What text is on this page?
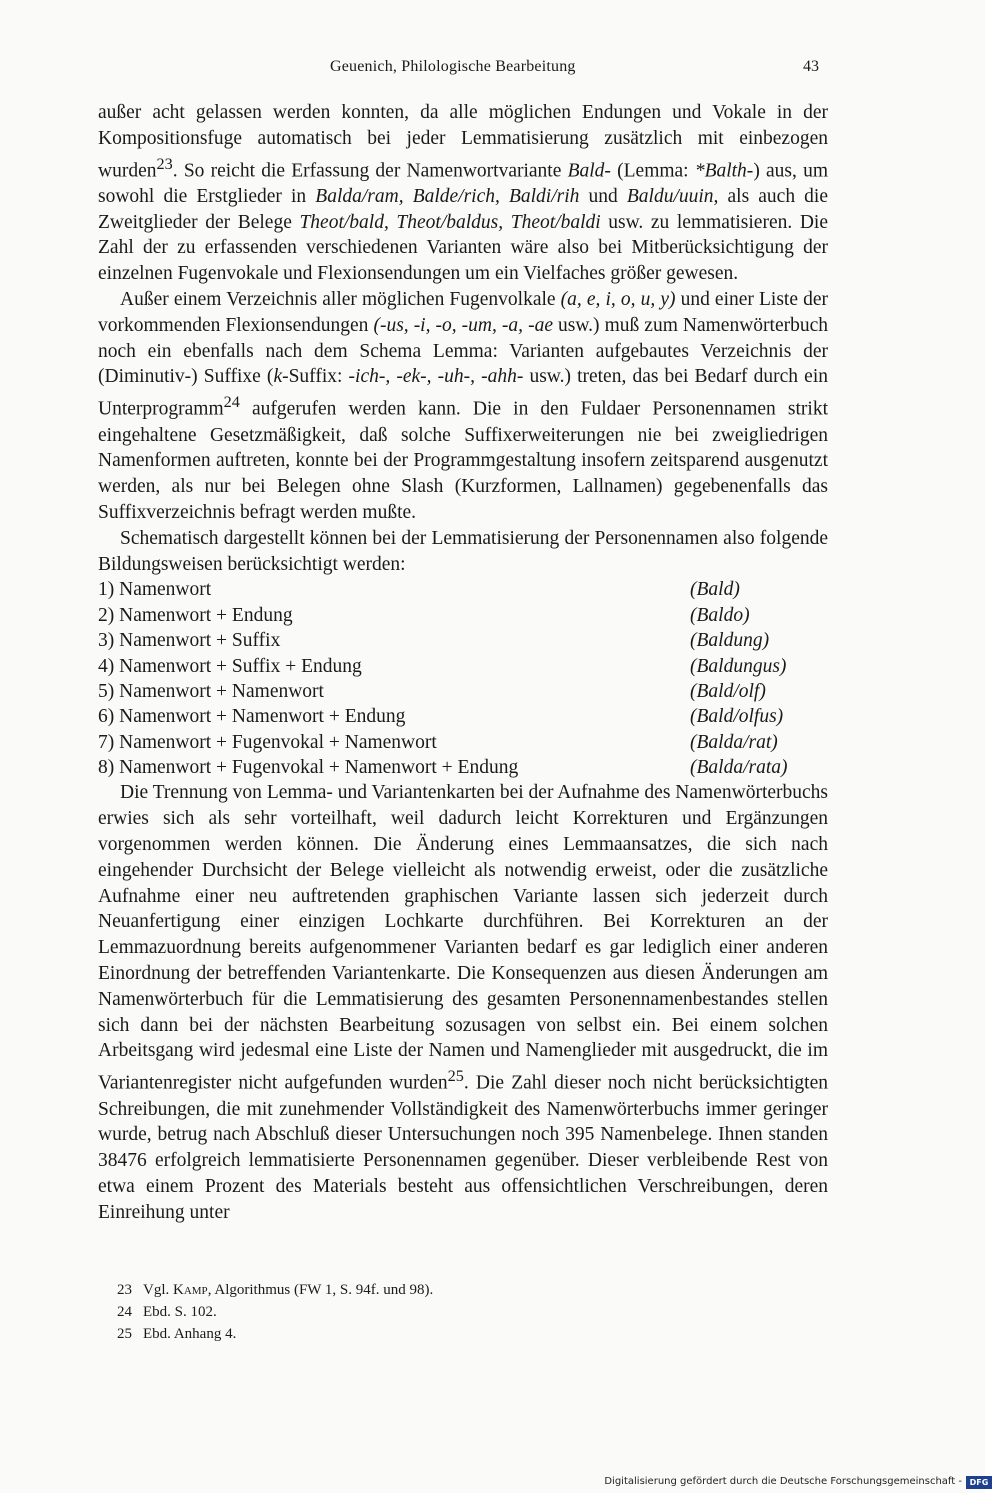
Geuenich, Philologische Bearbeitung	43

außer acht gelassen werden konnten, da alle möglichen Endungen und Vokale in der Kompositionsfuge automatisch bei jeder Lemmatisierung zusätzlich mit einbezogen wurden$^{23}$. So reicht die Erfassung der Namenwortvariante Bald- (Lemma: *Balth-) aus, um sowohl die Erstglieder in Balda/ram, Balde/rich, Baldi/rih und Baldu/uuin, als auch die Zweitglieder der Belege Theot/bald, Theot/baldus, Theot/baldi usw. zu lemmatisieren. Die Zahl der zu erfassenden verschiedenen Varianten wäre also bei Mitberücksichtigung der einzelnen Fugenvokale und Flexionsendungen um ein Vielfaches größer gewesen.

Außer einem Verzeichnis aller möglichen Fugenvolkale (a, e, i, o, u, y) und einer Liste der vorkommenden Flexionsendungen (-us, -i, -o, -um, -a, -ae usw.) muß zum Namenwörterbuch noch ein ebenfalls nach dem Schema Lemma: Varianten aufgebautes Verzeichnis der (Diminutiv-) Suffixe (k-Suffix: -ich-, -ek-, -uh-, -ahh- usw.) treten, das bei Bedarf durch ein Unterprogramm$^{24}$ aufgerufen werden kann. Die in den Fuldaer Personennamen strikt eingehaltene Gesetzmäßigkeit, daß solche Suffixerweiterungen nie bei zweigliedrigen Namenformen auftreten, konnte bei der Programmgestaltung insofern zeitsparend ausgenutzt werden, als nur bei Belegen ohne Slash (Kurzformen, Lallnamen) gegebenenfalls das Suffixverzeichnis befragt werden mußte.

Schematisch dargestellt können bei der Lemmatisierung der Personennamen also folgende Bildungsweisen berücksichtigt werden:

1) Namenwort	(Bald)
2) Namenwort + Endung	(Baldo)
3) Namenwort + Suffix	(Baldung)
4) Namenwort + Suffix + Endung	(Baldungus)
5) Namenwort + Namenwort	(Bald/olf)
6) Namenwort + Namenwort + Endung	(Bald/olfus)
7) Namenwort + Fugenvokal + Namenwort	(Balda/rat)
8) Namenwort + Fugenvokal + Namenwort + Endung	(Balda/rata)

Die Trennung von Lemma- und Variantenkarten bei der Aufnahme des Namenwörterbuchs erwies sich als sehr vorteilhaft, weil dadurch leicht Korrekturen und Ergänzungen vorgenommen werden können. Die Änderung eines Lemmaansatzes, die sich nach eingehender Durchsicht der Belege vielleicht als notwendig erweist, oder die zusätzliche Aufnahme einer neu auftretenden graphischen Variante lassen sich jederzeit durch Neuanfertigung einer einzigen Lochkarte durchführen. Bei Korrekturen an der Lemmazuordnung bereits aufgenommener Varianten bedarf es gar lediglich einer anderen Einordnung der betreffenden Variantenkarte. Die Konsequenzen aus diesen Änderungen am Namenwörterbuch für die Lemmatisierung des gesamten Personennamenbestandes stellen sich dann bei der nächsten Bearbeitung sozusagen von selbst ein. Bei einem solchen Arbeitsgang wird jedesmal eine Liste der Namen und Namenglieder mit ausgedruckt, die im Variantenregister nicht aufgefunden wurden$^{25}$. Die Zahl dieser noch nicht berücksichtigten Schreibungen, die mit zunehmender Vollständigkeit des Namenwörterbuchs immer geringer wurde, betrug nach Abschluß dieser Untersuchungen noch 395 Namenbelege. Ihnen standen 38476 erfolgreich lemmatisierte Personennamen gegenüber. Dieser verbleibende Rest von etwa einem Prozent des Materials besteht aus offensichtlichen Verschreibungen, deren Einreihung unter

23 Vgl. Kamp, Algorithmus (FW 1, S. 94f. und 98).
24 Ebd. S. 102.
25 Ebd. Anhang 4.
Digitalisierung gefördert durch die Deutsche Forschungsgemeinschaft - DFG
